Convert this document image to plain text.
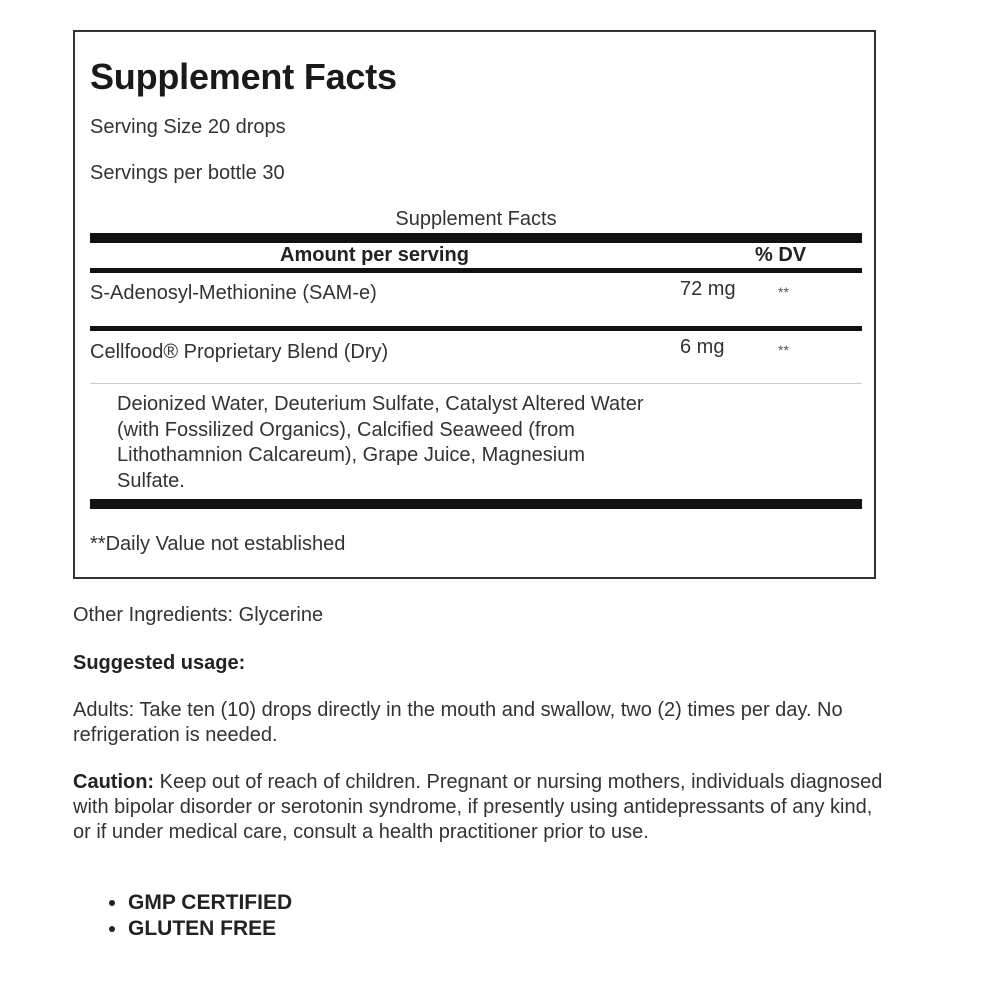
Supplement Facts
Serving Size 20 drops
Servings per bottle 30
Supplement Facts
Amount per serving	% DV
S-Adenosyl-Methionine (SAM-e)	72 mg	**
Cellfood® Proprietary Blend (Dry)	6 mg	**
Deionized Water, Deuterium Sulfate, Catalyst Altered Water (with Fossilized Organics), Calcified Seaweed (from Lithothamnion Calcareum), Grape Juice, Magnesium Sulfate.
**Daily Value not established
Other Ingredients: Glycerine
Suggested usage:
Adults: Take ten (10) drops directly in the mouth and swallow, two (2) times per day. No refrigeration is needed.
Caution: Keep out of reach of children. Pregnant or nursing mothers, individuals diagnosed with bipolar disorder or serotonin syndrome, if presently using antidepressants of any kind, or if under medical care, consult a health practitioner prior to use.
• GMP CERTIFIED
• GLUTEN FREE
